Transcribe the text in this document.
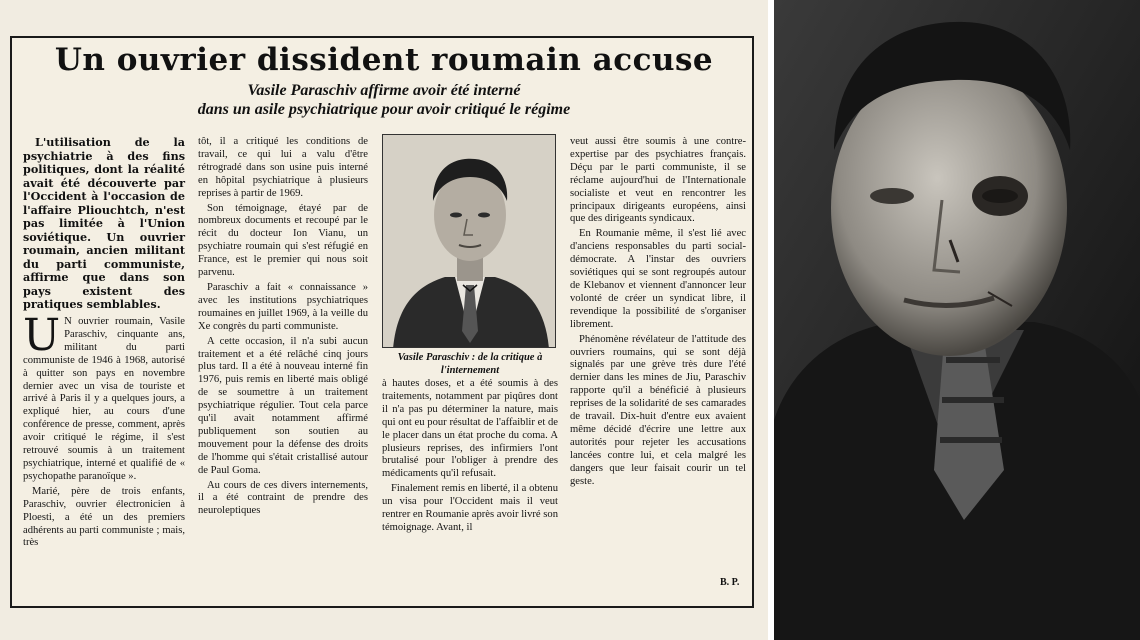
Un ouvrier dissident roumain accuse
Vasile Paraschiv affirme avoir été interné
dans un asile psychiatrique pour avoir critiqué le régime

L'utilisation de la psychiatrie à des fins politiques, dont la réalité avait été découverte par l'Occident à l'occasion de l'affaire Pliouchtch, n'est pas limitée à l'Union soviétique. Un ouvrier roumain, ancien militant du parti communiste, affirme que dans son pays existent des pratiques semblables.

U N ouvrier roumain, Vasile Paraschiv, cinquante ans, militant du parti communiste de 1946 à 1968, autorisé à quitter son pays en novembre dernier avec un visa de touriste et arrivé à Paris il y a quelques jours, a expliqué hier, au cours d'une conférence de presse, comment, après avoir critiqué le régime, il s'est retrouvé soumis à un traitement psychiatrique, interné et qualifié de « psychopathe paranoïque ».

Marié, père de trois enfants, Paraschiv, ouvrier électronicien à Ploesti, a été un des premiers adhérents au parti communiste ; mais, très

tôt, il a critiqué les conditions de travail, ce qui lui a valu d'être rétrogradé dans son usine puis interné en hôpital psychiatrique à plusieurs reprises à partir de 1969.

Son témoignage, étayé par de nombreux documents et recoupé par le récit du docteur Ion Vianu, un psychiatre roumain qui s'est réfugié en France, est le premier qui nous soit parvenu.

Paraschiv a fait « connaissance » avec les institutions psychiatriques roumaines en juillet 1969, à la veille du Xe congrès du parti communiste.

A cette occasion, il n'a subi aucun traitement et a été relâché cinq jours plus tard. Il a été à nouveau interné fin 1976, puis remis en liberté mais obligé de se soumettre à un traitement psychiatrique régulier. Tout cela parce qu'il avait notamment affirmé publiquement son soutien au mouvement pour la défense des droits de l'homme qui s'était cristallisé autour de Paul Goma.

Au cours de ces divers internements, il a été contraint de prendre des neuroleptiques

Vasile Paraschiv : de la critique à l'internement

à hautes doses, et a été soumis à des traitements, notamment par piqûres dont il n'a pas pu déterminer la nature, mais qui ont eu pour résultat de l'affaiblir et de le placer dans un état proche du coma. A plusieurs reprises, des infirmiers l'ont brutalisé pour l'obliger à prendre des médicaments qu'il refusait.

Finalement remis en liberté, il a obtenu un visa pour l'Occident mais il veut rentrer en Roumanie après avoir livré son témoignage. Avant, il

veut aussi être soumis à une contre-expertise par des psychiatres français. Déçu par le parti communiste, il se réclame aujourd'hui de l'Internationale socialiste et veut en rencontrer les principaux dirigeants européens, ainsi que des dirigeants syndicaux.

En Roumanie même, il s'est lié avec d'anciens responsables du parti social-démocrate. A l'instar des ouvriers soviétiques qui se sont regroupés autour de Klebanov et viennent d'annoncer leur volonté de créer un syndicat libre, il revendique la possibilité de s'organiser librement.

Phénomène révélateur de l'attitude des ouvriers roumains, qui se sont déjà signalés par une grève très dure l'été dernier dans les mines de Jiu, Paraschiv rapporte qu'il a bénéficié à plusieurs reprises de la solidarité de ses camarades de travail. Dix-huit d'entre eux avaient même décidé d'écrire une lettre aux autorités pour rejeter les accusations lancées contre lui, et cela malgré les dangers que leur faisait courir un tel geste.

B. P.
